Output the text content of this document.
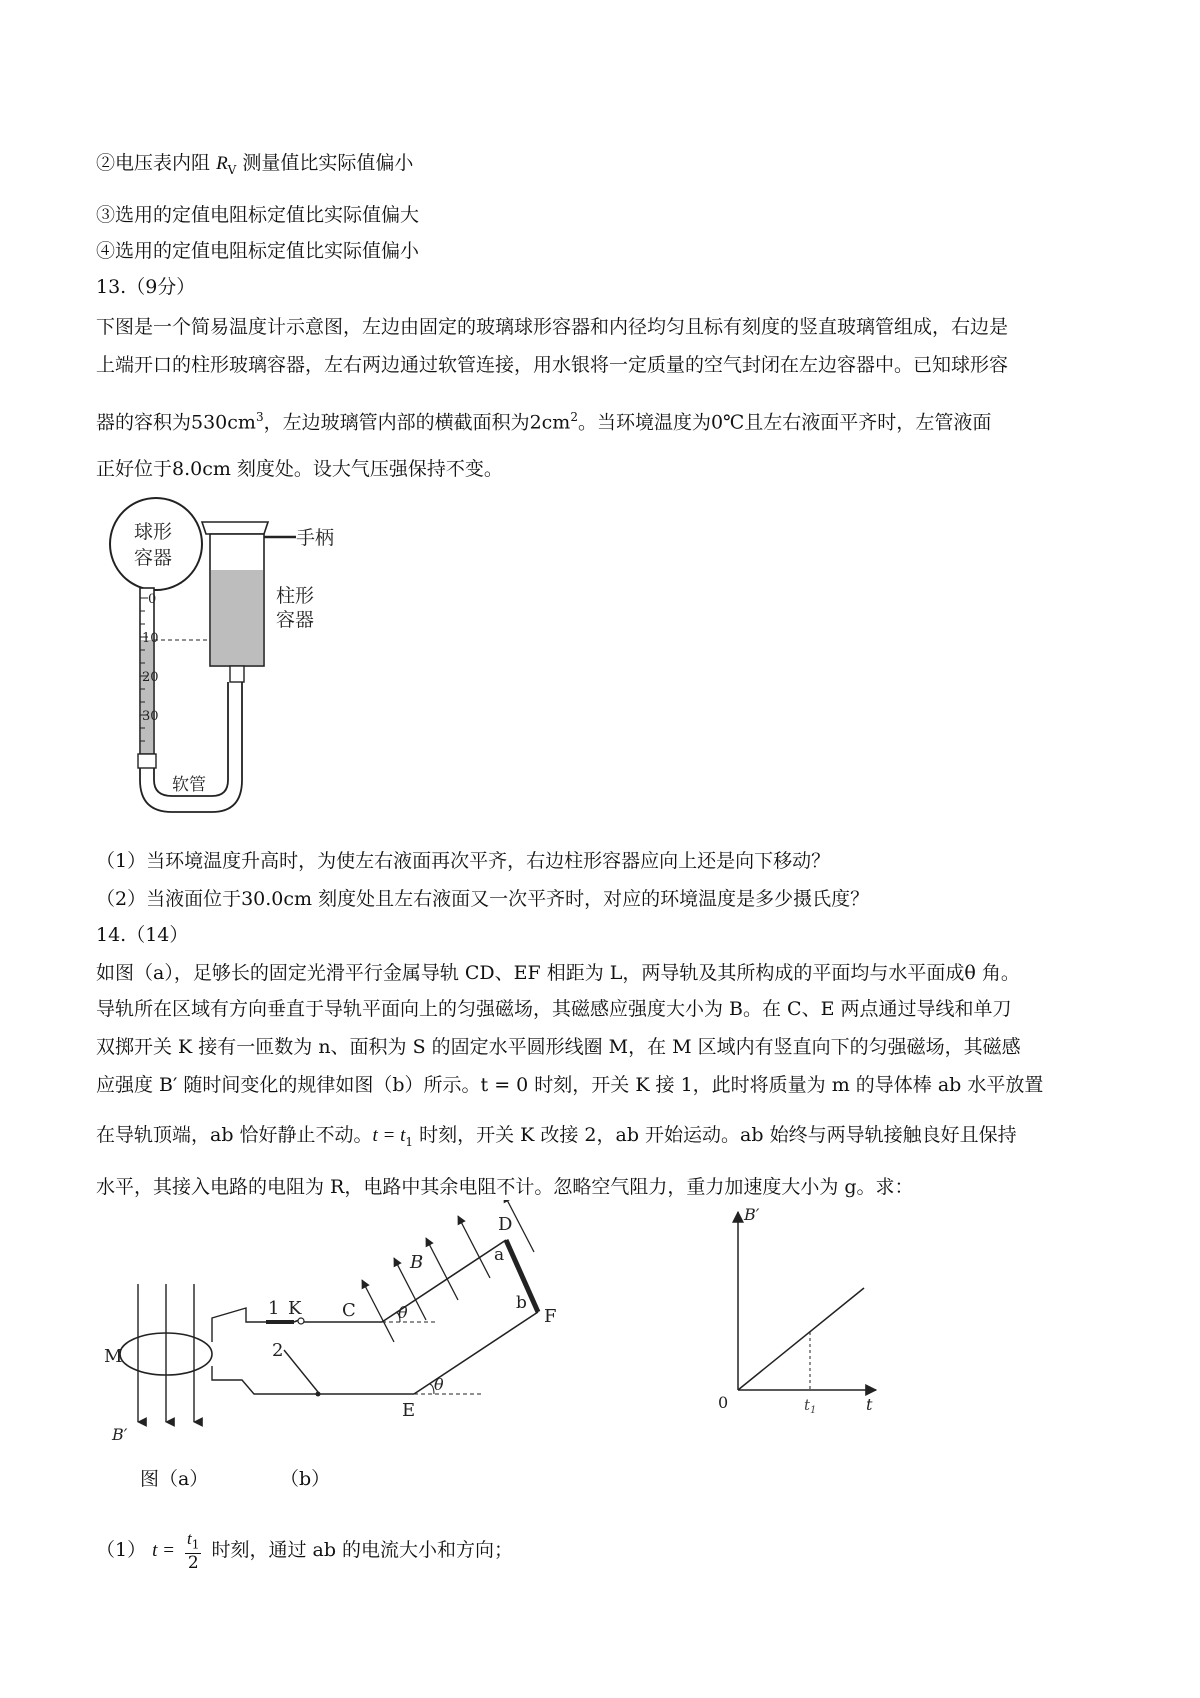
②电压表内阻 $R_V$ 测量值比实际值偏小
③选用的定值电阻标定值比实际值偏大
④选用的定值电阻标定值比实际值偏小
13.（9分）
下图是一个简易温度计示意图，左边由固定的玻璃球形容器和内径均匀且标有刻度的竖直玻璃管组成，右边是
上端开口的柱形玻璃容器，左右两边通过软管连接，用水银将一定质量的空气封闭在左边容器中。已知球形容
器的容积为$530cm^3$，左边玻璃管内部的横截面积为$2cm^2$。当环境温度为0℃且左右液面平齐时，左管液面
正好位于8.0cm 刻度处。设大气压强保持不变。
球形
容器
0
10
20
30
手柄
柱形
容器
软管
（1）当环境温度升高时，为使左右液面再次平齐，右边柱形容器应向上还是向下移动？
（2）当液面位于30.0cm 刻度处且左右液面又一次平齐时，对应的环境温度是多少摄氏度？
14.（14）
如图（a），足够长的固定光滑平行金属导轨 CD、EF 相距为 L，两导轨及其所构成的平面均与水平面成θ 角。
导轨所在区域有方向垂直于导轨平面向上的匀强磁场，其磁感应强度大小为 B。在 C、E 两点通过导线和单刀
双掷开关 K 接有一匝数为 n、面积为 S 的固定水平圆形线圈 M，在 M 区域内有竖直向下的匀强磁场，其磁感
应强度 B′ 随时间变化的规律如图（b）所示。t = 0 时刻，开关 K 接 1，此时将质量为 m 的导体棒 ab 水平放置
在导轨顶端，ab 恰好静止不动。$t = t_1$ 时刻，开关 K 改接 2，ab 开始运动。ab 始终与两导轨接触良好且保持
水平，其接入电路的电阻为 R，电路中其余电阻不计。忽略空气阻力，重力加速度大小为 g。求：
M
B′
1 K C
2
D
a
b
F
E
θ
θ
B
B′
0	$t_1$	t
图（a）	（b）
（1） $t = \frac{t_1}{2}$ 时刻，通过 ab 的电流大小和方向；
